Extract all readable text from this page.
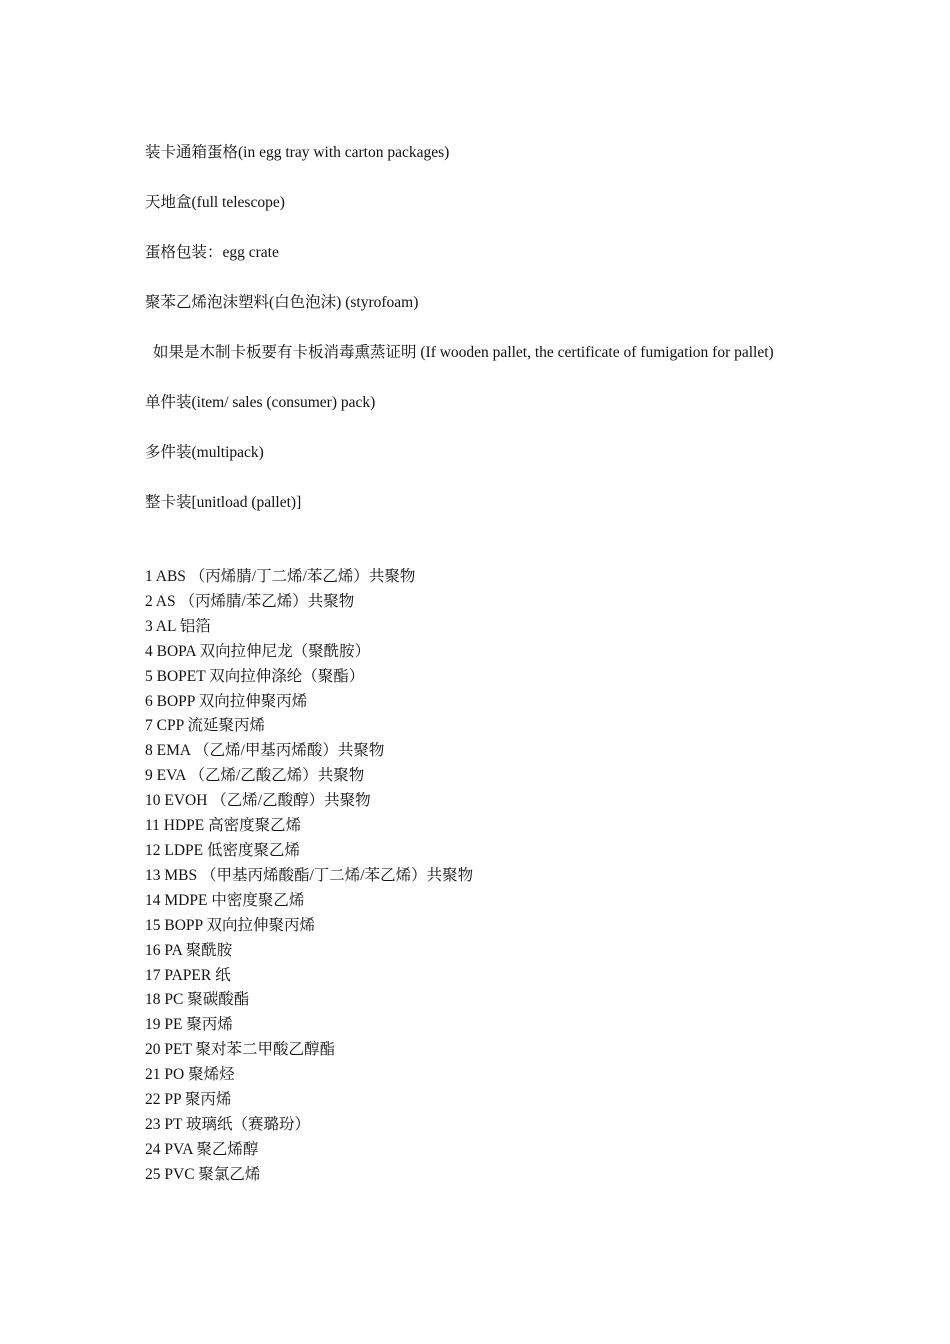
装卡通箱蛋格(in egg tray with carton packages)

天地盒(full telescope)

蛋格包装：egg crate

聚苯乙烯泡沫塑料(白色泡沫) (styrofoam)

如果是木制卡板要有卡板消毒熏蒸证明 (If wooden pallet, the certificate of fumigation for pallet)

单件装(item/ sales (consumer) pack)

多件装(multipack)

整卡装[unitload (pallet)]

1 ABS （丙烯腈/丁二烯/苯乙烯）共聚物
2 AS （丙烯腈/苯乙烯）共聚物
3 AL 铝箔
4 BOPA 双向拉伸尼龙（聚酰胺）
5 BOPET 双向拉伸涤纶（聚酯）
6 BOPP 双向拉伸聚丙烯
7 CPP 流延聚丙烯
8 EMA （乙烯/甲基丙烯酸）共聚物
9 EVA （乙烯/乙酸乙烯）共聚物
10 EVOH （乙烯/乙酸醇）共聚物
11 HDPE 高密度聚乙烯
12 LDPE 低密度聚乙烯
13 MBS （甲基丙烯酸酯/丁二烯/苯乙烯）共聚物
14 MDPE 中密度聚乙烯
15 BOPP 双向拉伸聚丙烯
16 PA 聚酰胺
17 PAPER 纸
18 PC 聚碳酸酯
19 PE 聚丙烯
20 PET 聚对苯二甲酸乙醇酯
21 PO 聚烯烃
22 PP 聚丙烯
23 PT 玻璃纸（赛璐玢）
24 PVA 聚乙烯醇
25 PVC 聚氯乙烯
